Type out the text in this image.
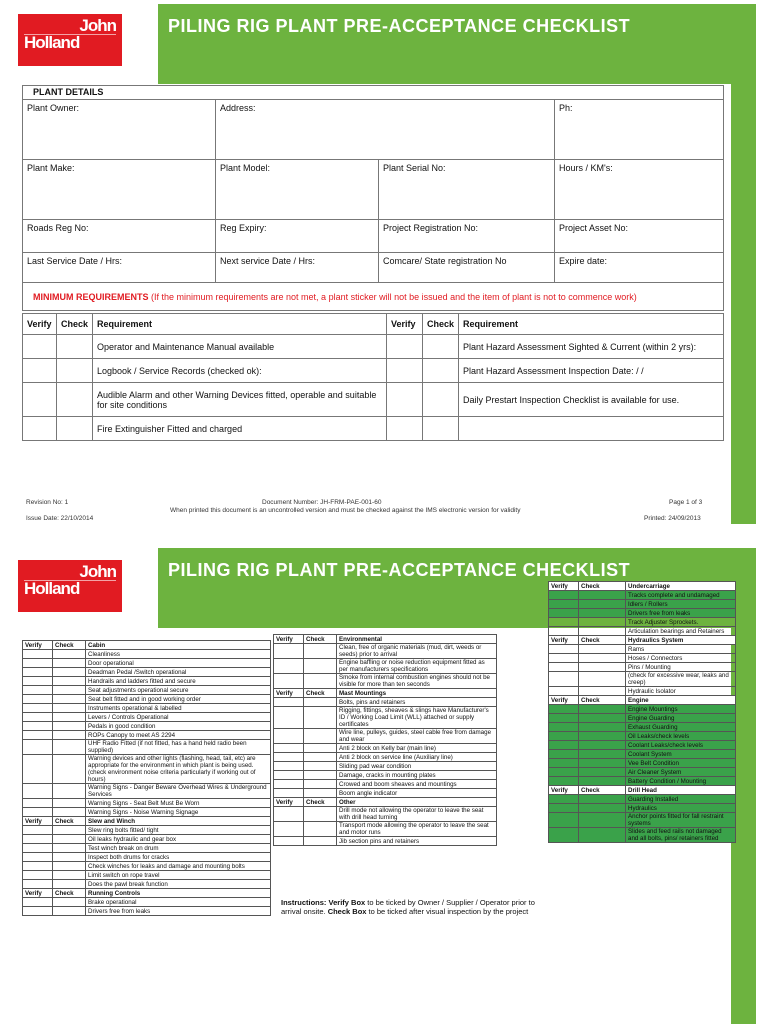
John
Holland
PILING RIG PLANT PRE-ACCEPTANCE CHECKLIST
PLANT DETAILS			
Plant Owner:	Address:		Ph:
Plant Make:	Plant Model:	Plant Serial No:	Hours / KM's:
Roads Reg No:	Reg Expiry:	Project Registration No:	Project Asset No:
Last Service Date / Hrs:	Next service Date / Hrs:	Comcare/ State registration No	Expire date:
MINIMUM REQUIREMENTS (If the minimum requirements are not met, a plant sticker will not be issued and the item of plant is not to commence work)			
Verify	Check	Requirement	Verify	Check	Requirement
		Operator and Maintenance Manual available			Plant Hazard Assessment Sighted & Current (within 2 yrs):
		Logbook / Service Records (checked ok):			Plant Hazard Assessment Inspection Date: / /
		Audible Alarm and other Warning Devices fitted, operable and suitable for site conditions			Daily Prestart Inspection Checklist is available for use.
		Fire Extinguisher Fitted and charged			
Revision No: 1
Issue Date: 22/10/2014
Document Number: JH-FRM-PAE-001-60
When printed this document is an uncontrolled version and must be checked against the IMS electronic version for validity
Page 1 of 3
Printed: 24/09/2013
John
Holland
PILING RIG PLANT PRE-ACCEPTANCE CHECKLIST
Verify	Check	Cabin
		Cleanliness
		Door operational
		Deadman Pedal /Switch operational
		Handrails and ladders fitted and secure
		Seat adjustments operational secure
		Seat belt fitted and in good working order
		Instruments operational & labelled
		Levers / Controls Operational
		Pedals in good condition
		ROPs Canopy to meet AS 2294
		UHF Radio Fitted (if not fitted, has a hand held radio been supplied)
		Warning devices and other lights (flashing, head, tail, etc) are appropriate for the environment in which plant is being used. (check environment noise criteria particularly if working out of hours)
		Warning Signs - Danger Beware Overhead Wires & Underground Services
		Warning Signs - Seat Belt Must Be Worn
		Warning Signs - Noise Warning Signage
Verify	Check	Slew and Winch
		Slew ring bolts fitted/ tight
		Oil leaks hydraulic and gear box
		Test winch break on drum
		Inspect both drums for cracks
		Check winches for leaks and damage and mounting bolts
		Limit switch on rope travel
		Does the pawl break function
Verify	Check	Running Controls
		Brake operational
		Drivers free from leaks
Verify	Check	Environmental
		Clean, free of organic materials (mud, dirt, weeds or seeds) prior to arrival
		Engine baffling or noise reduction equipment fitted as per manufacturers specifications
		Smoke from internal combustion engines should not be visible for more than ten seconds
Verify	Check	Mast Mountings
		Bolts, pins and retainers
		Rigging, fittings, sheaves & slings have Manufacturer's ID / Working Load Limit (WLL) attached or supply certificates
		Wire line, pulleys, guides, steel cable free from damage and wear
		Anti 2 block on Kelly bar (main line)
		Anti 2 block on service line (Auxiliary line)
		Sliding pad wear condition
		Damage, cracks in mounting plates
		Crowed and boom sheaves and mountings
		Boom angle indicator
Verify	Check	Other
		Drill mode not allowing the operator to leave the seat with drill head turning
		Transport mode allowing the operator to leave the seat and motor runs
		Jib section pins and retainers
Verify	Check	Undercarriage
		Tracks complete and undamaged
		Idlers / Rollers
		Drivers free from leaks
		Track Adjuster Sprockets.
		Articulation bearings and Retainers
Verify	Check	Hydraulics System
		Rams
		Hoses / Connectors
		Pins / Mounting
		(check for excessive wear, leaks and creep)
		Hydraulic Isolator
Verify	Check	Engine
		Engine Mountings
		Engine Guarding
		Exhaust Guarding
		Oil Leaks/check levels
		Coolant Leaks/check levels
		Coolant System
		Vee Belt Condition
		Air Cleaner System
		Battery Condition / Mounting
Verify	Check	Drill Head
		Guarding Installed
		Hydraulics
		Anchor points fitted for fall restraint systems
		Slides and feed rails not damaged and all bolts, pins/ retainers fitted
Instructions: Verify Box to be ticked by Owner / Supplier / Operator prior to arrival onsite. Check Box to be ticked after visual inspection by the project
